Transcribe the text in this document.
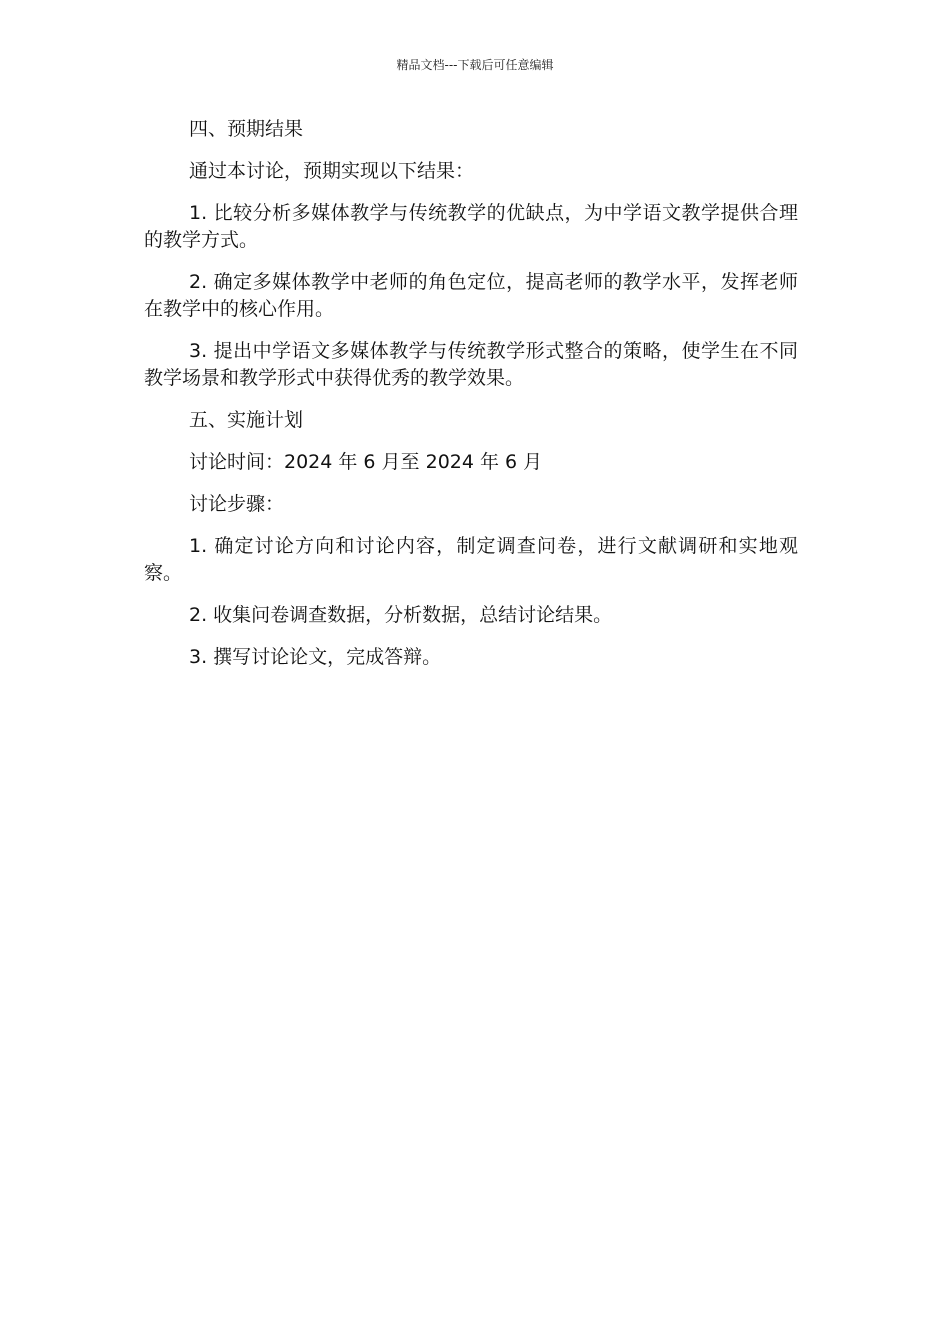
精品文档---下载后可任意编辑

四、预期结果

通过本讨论，预期实现以下结果：

1. 比较分析多媒体教学与传统教学的优缺点，为中学语文教学提供合理的教学方式。

2. 确定多媒体教学中老师的角色定位，提高老师的教学水平，发挥老师在教学中的核心作用。

3. 提出中学语文多媒体教学与传统教学形式整合的策略，使学生在不同教学场景和教学形式中获得优秀的教学效果。

五、实施计划

讨论时间：2024 年 6 月至 2024 年 6 月

讨论步骤：

1. 确定讨论方向和讨论内容，制定调查问卷，进行文献调研和实地观察。

2. 收集问卷调查数据，分析数据，总结讨论结果。

3. 撰写讨论论文，完成答辩。
